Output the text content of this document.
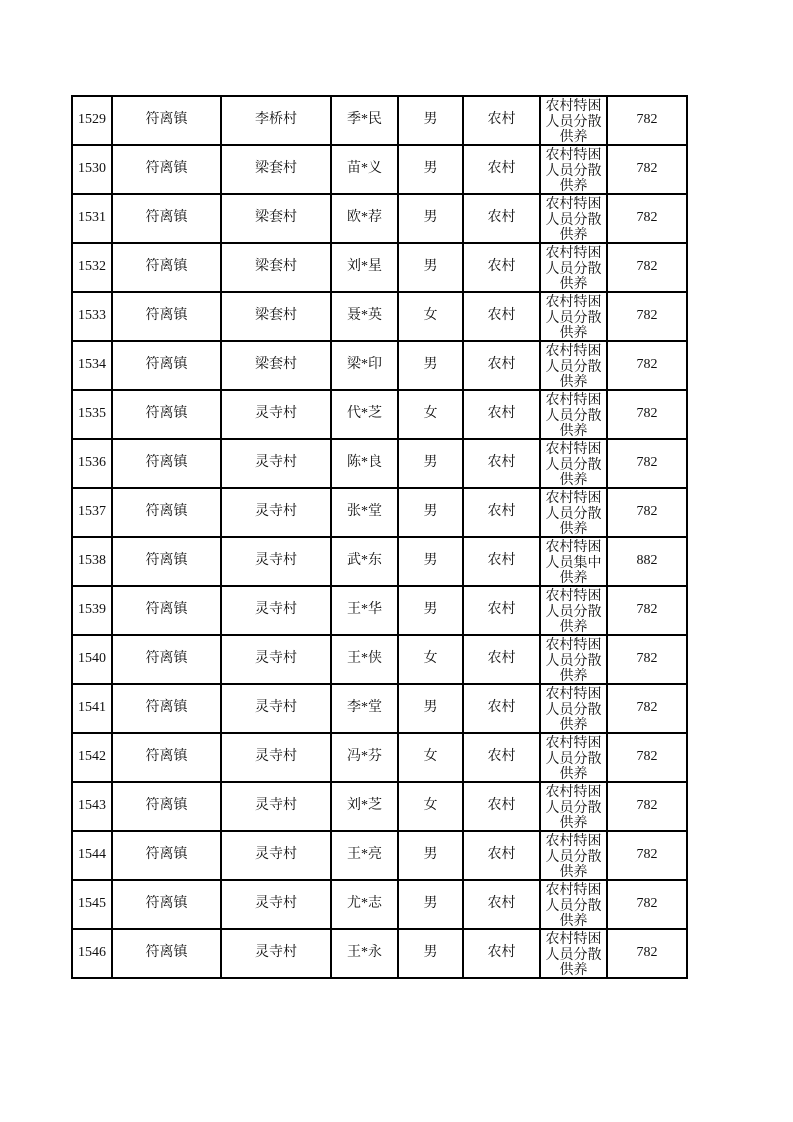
1529	符离镇	李桥村	季*民	男	农村	农村特困人员分散供养	782
1530	符离镇	梁套村	苗*义	男	农村	农村特困人员分散供养	782
1531	符离镇	梁套村	欧*荐	男	农村	农村特困人员分散供养	782
1532	符离镇	梁套村	刘*星	男	农村	农村特困人员分散供养	782
1533	符离镇	梁套村	聂*英	女	农村	农村特困人员分散供养	782
1534	符离镇	梁套村	梁*印	男	农村	农村特困人员分散供养	782
1535	符离镇	灵寺村	代*芝	女	农村	农村特困人员分散供养	782
1536	符离镇	灵寺村	陈*良	男	农村	农村特困人员分散供养	782
1537	符离镇	灵寺村	张*堂	男	农村	农村特困人员分散供养	782
1538	符离镇	灵寺村	武*东	男	农村	农村特困人员集中供养	882
1539	符离镇	灵寺村	王*华	男	农村	农村特困人员分散供养	782
1540	符离镇	灵寺村	王*侠	女	农村	农村特困人员分散供养	782
1541	符离镇	灵寺村	李*堂	男	农村	农村特困人员分散供养	782
1542	符离镇	灵寺村	冯*芬	女	农村	农村特困人员分散供养	782
1543	符离镇	灵寺村	刘*芝	女	农村	农村特困人员分散供养	782
1544	符离镇	灵寺村	王*亮	男	农村	农村特困人员分散供养	782
1545	符离镇	灵寺村	尤*志	男	农村	农村特困人员分散供养	782
1546	符离镇	灵寺村	王*永	男	农村	农村特困人员分散供养	782
